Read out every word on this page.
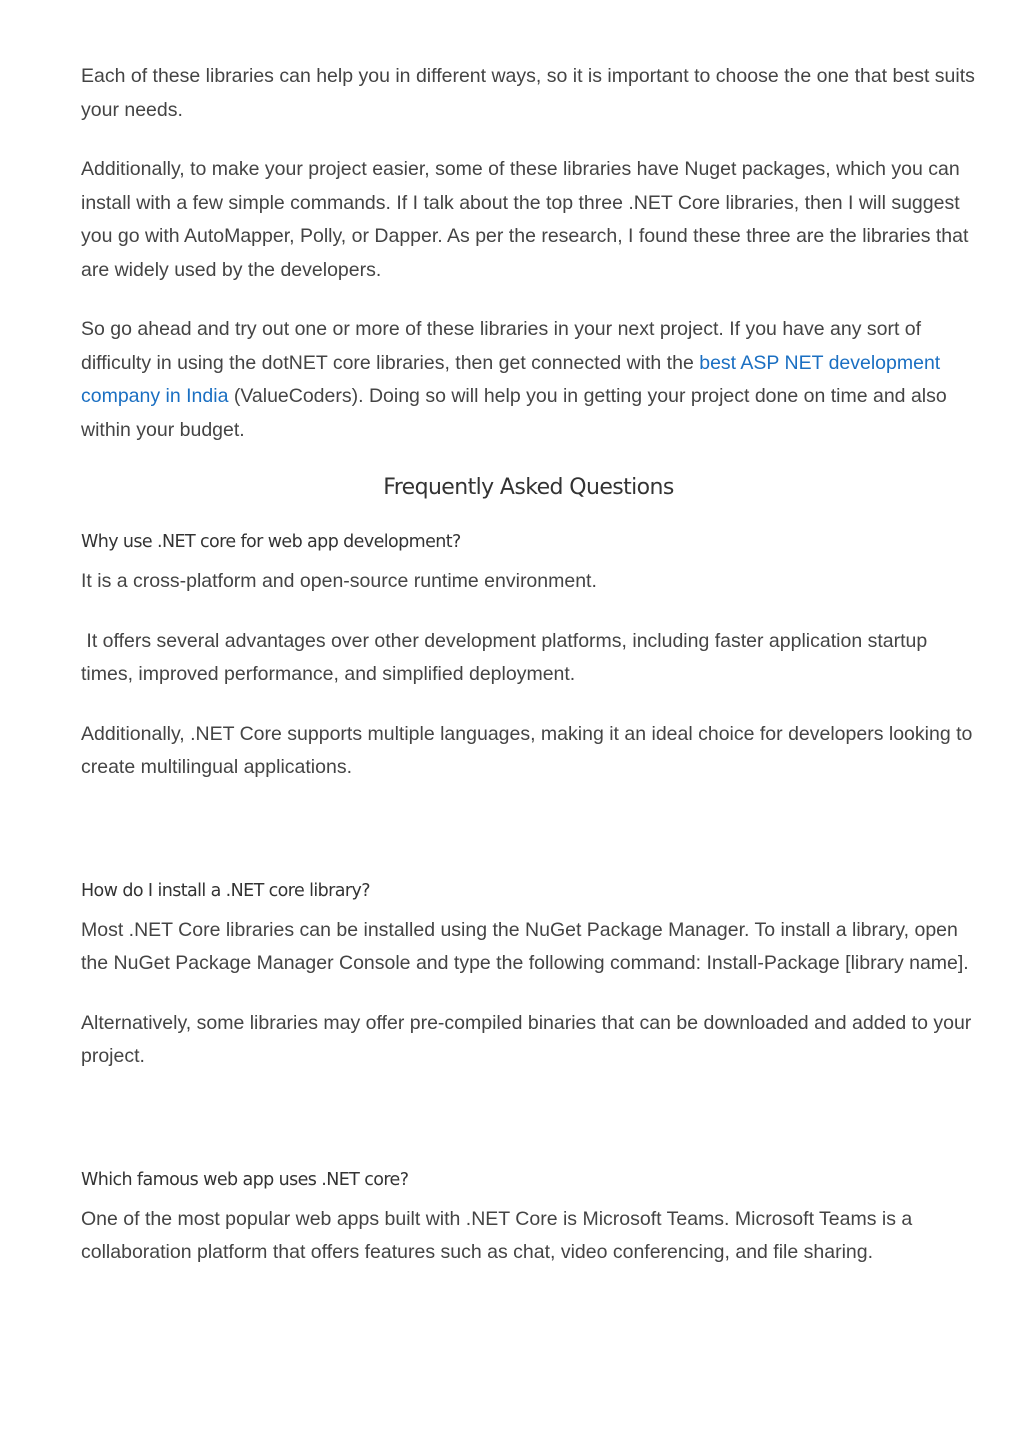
Each of these libraries can help you in different ways, so it is important to choose the one that best suits your needs.

Additionally, to make your project easier, some of these libraries have Nuget packages, which you can install with a few simple commands. If I talk about the top three .NET Core libraries, then I will suggest you go with AutoMapper, Polly, or Dapper. As per the research, I found these three are the libraries that are widely used by the developers.

So go ahead and try out one or more of these libraries in your next project. If you have any sort of difficulty in using the dotNET core libraries, then get connected with the best ASP NET development company in India (ValueCoders). Doing so will help you in getting your project done on time and also within your budget.

Frequently Asked Questions
Why use .NET core for web app development?

It is a cross-platform and open-source runtime environment.

It offers several advantages over other development platforms, including faster application startup times, improved performance, and simplified deployment.

Additionally, .NET Core supports multiple languages, making it an ideal choice for developers looking to create multilingual applications.

How do I install a .NET core library?

Most .NET Core libraries can be installed using the NuGet Package Manager. To install a library, open the NuGet Package Manager Console and type the following command: Install-Package [library name].

Alternatively, some libraries may offer pre-compiled binaries that can be downloaded and added to your project.

Which famous web app uses .NET core?

One of the most popular web apps built with .NET Core is Microsoft Teams. Microsoft Teams is a collaboration platform that offers features such as chat, video conferencing, and file sharing.
